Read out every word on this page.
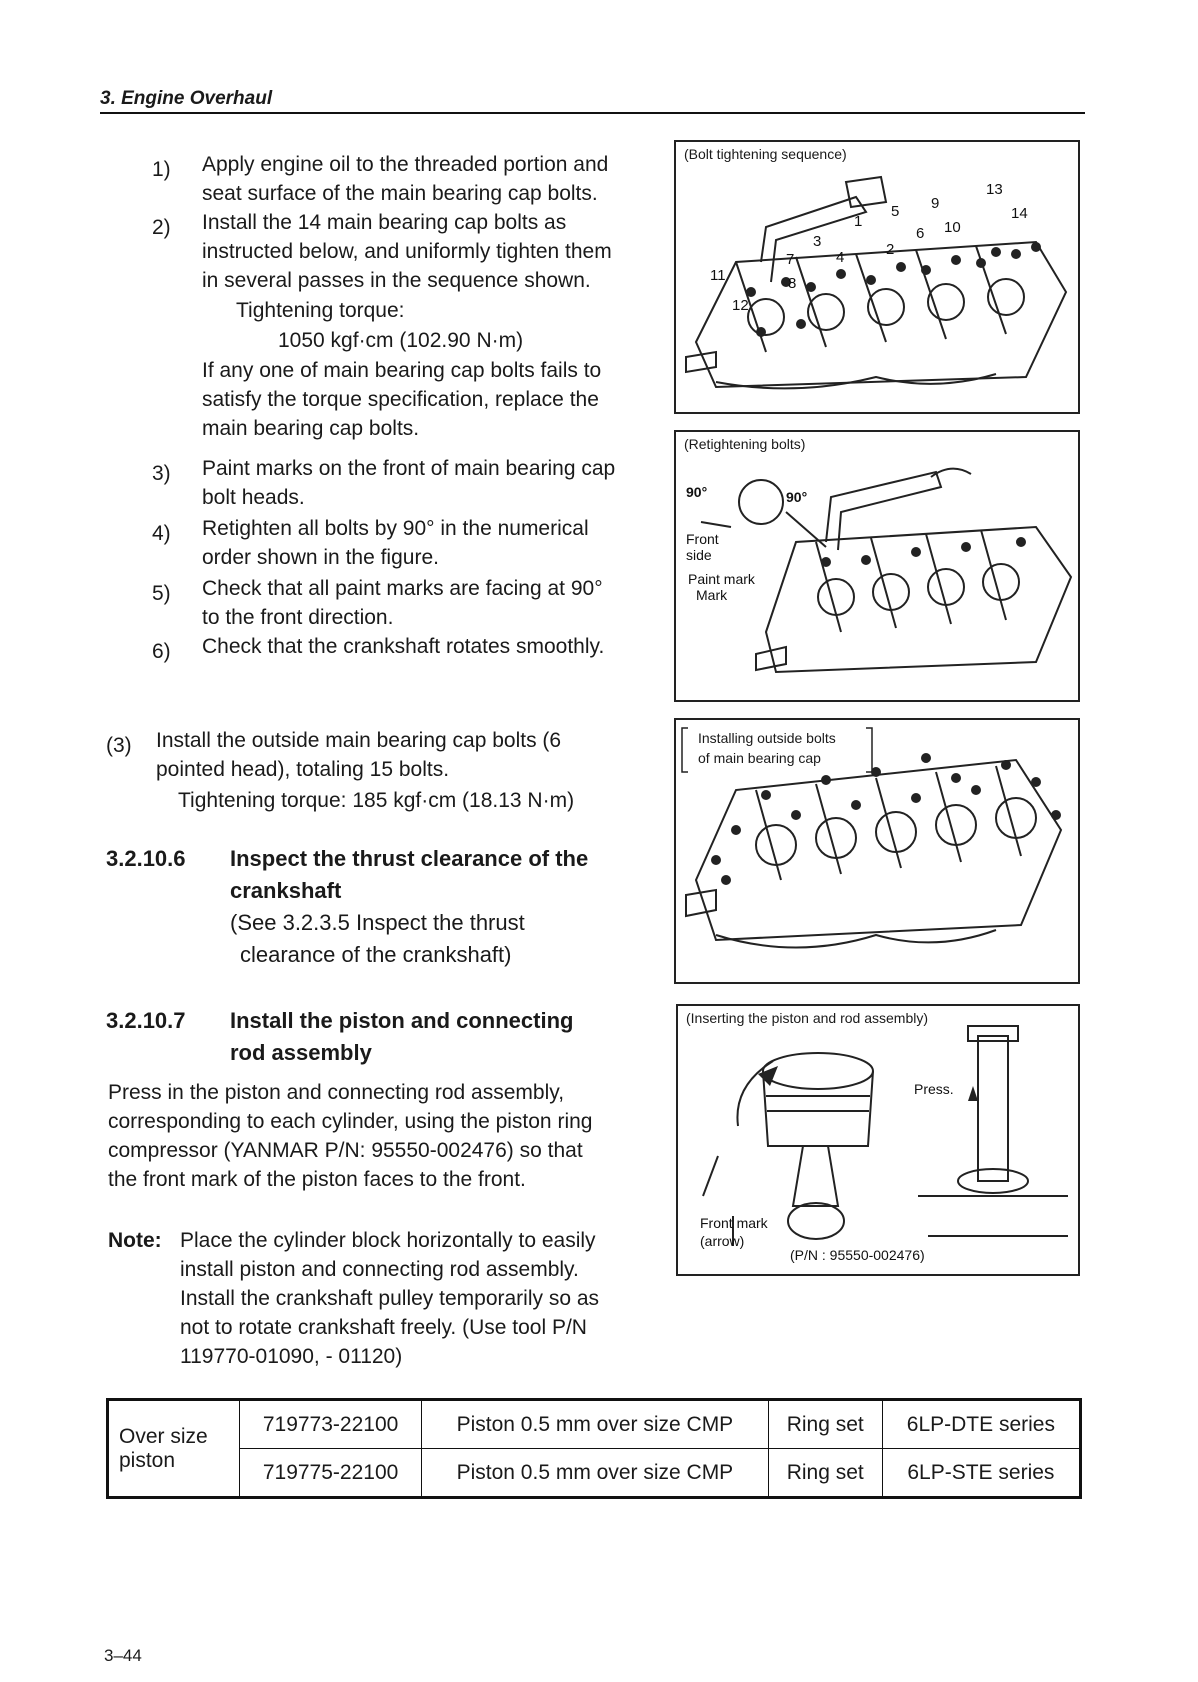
3. Engine Overhaul
1) Apply engine oil to the threaded portion and
seat surface of the main bearing cap bolts.
2) Install the 14 main bearing cap bolts as
instructed below, and uniformly tighten them
in several passes in the sequence shown.
Tightening torque:
1050 kgf·cm (102.90 N·m)
If any one of main bearing cap bolts fails to
satisfy the torque specification, replace the
main bearing cap bolts.
3) Paint marks on the front of main bearing cap
bolt heads.
4) Retighten all bolts by 90° in the numerical
order shown in the figure.
5) Check that all paint marks are facing at 90°
to the front direction.
6) Check that the crankshaft rotates smoothly.
(3) Install the outside main bearing cap bolts (6
pointed head), totaling 15 bolts.
Tightening torque: 185 kgf·cm (18.13 N·m)
3.2.10.6 Inspect the thrust clearance of the
crankshaft
(See 3.2.3.5 Inspect the thrust
clearance of the crankshaft)
3.2.10.7 Install the piston and connecting
rod assembly
Press in the piston and connecting rod assembly,
corresponding to each cylinder, using the piston ring
compressor (YANMAR P/N: 95550-002476) so that
the front mark of the piston faces to the front.
Note: Place the cylinder block horizontally to easily
install piston and connecting rod assembly.
Install the crankshaft pulley temporarily so as
not to rotate crankshaft freely. (Use tool P/N
119770-01090, - 01120)
13
9
14
5
10
1
6
3	2
7	4
11	8
12
(Bolt tightening sequence)
90°	90°
Front
side
Paint mark
Mark
(Retightening bolts)
Installing outside bolts
of main bearing cap
Press.
Front mark
(arrow)
(P/N : 95550-002476)
(Inserting the piston and rod assembly)
Over size
piston	719773-22100	Piston 0.5 mm over size CMP	Ring set	6LP-DTE series
	719775-22100	Piston 0.5 mm over size CMP	Ring set	6LP-STE series
3–44
